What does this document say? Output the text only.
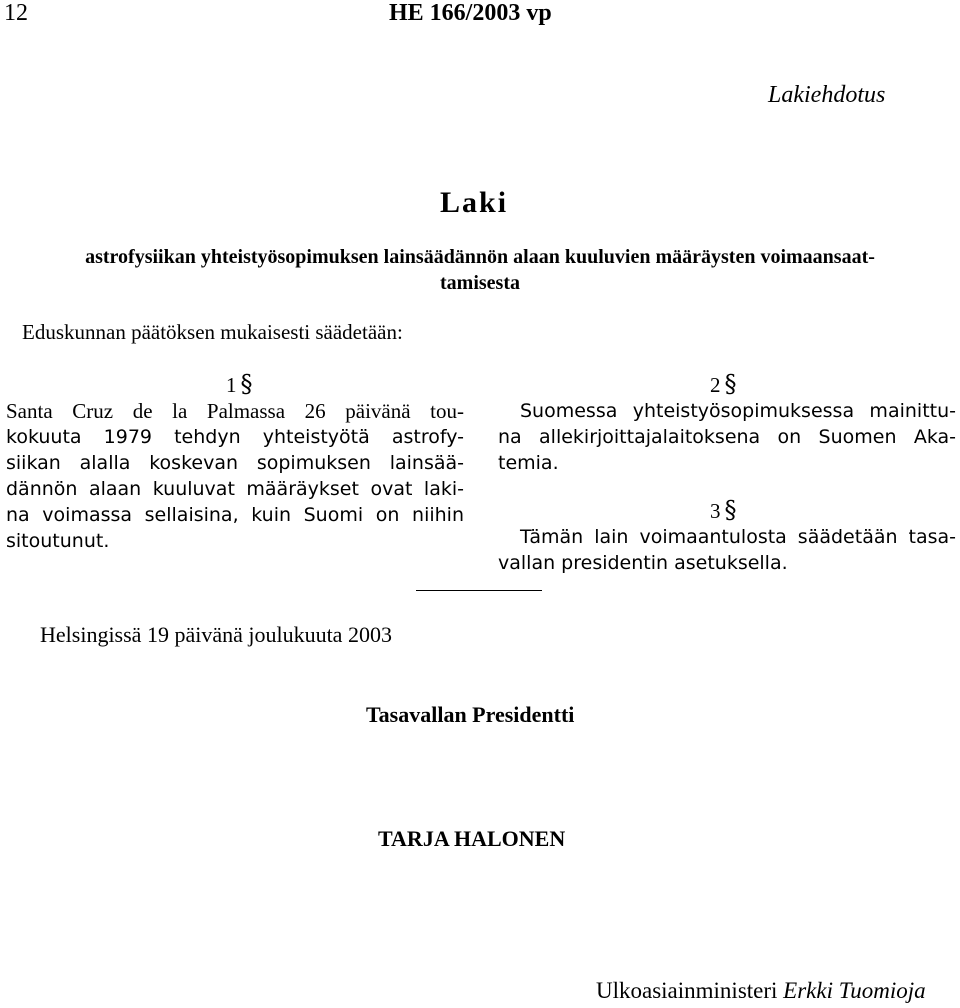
12	HE 166/2003 vp
Lakiehdotus
Laki
astrofysiikan yhteistyösopimuksen lainsäädännön alaan kuuluvien määräysten voimaansaat-
tamisesta
Eduskunnan päätöksen mukaisesti säädetään:
1 §
Santa Cruz de la Palmassa 26 päivänä tou-
kokuuta 1979 tehdyn yhteistyötä astrofy-
siikan alalla koskevan sopimuksen lainsää-
dännön alaan kuuluvat määräykset ovat laki-
na voimassa sellaisina, kuin Suomi on niihin
sitoutunut.
2 §
Suomessa yhteistyösopimuksessa mainittu-
na allekirjoittajalaitoksena on Suomen Aka-
temia.
3 §
Tämän lain voimaantulosta säädetään tasa-
vallan presidentin asetuksella.
Helsingissä 19 päivänä joulukuuta 2003
Tasavallan Presidentti
TARJA HALONEN
Ulkoasiainministeri Erkki Tuomioja
